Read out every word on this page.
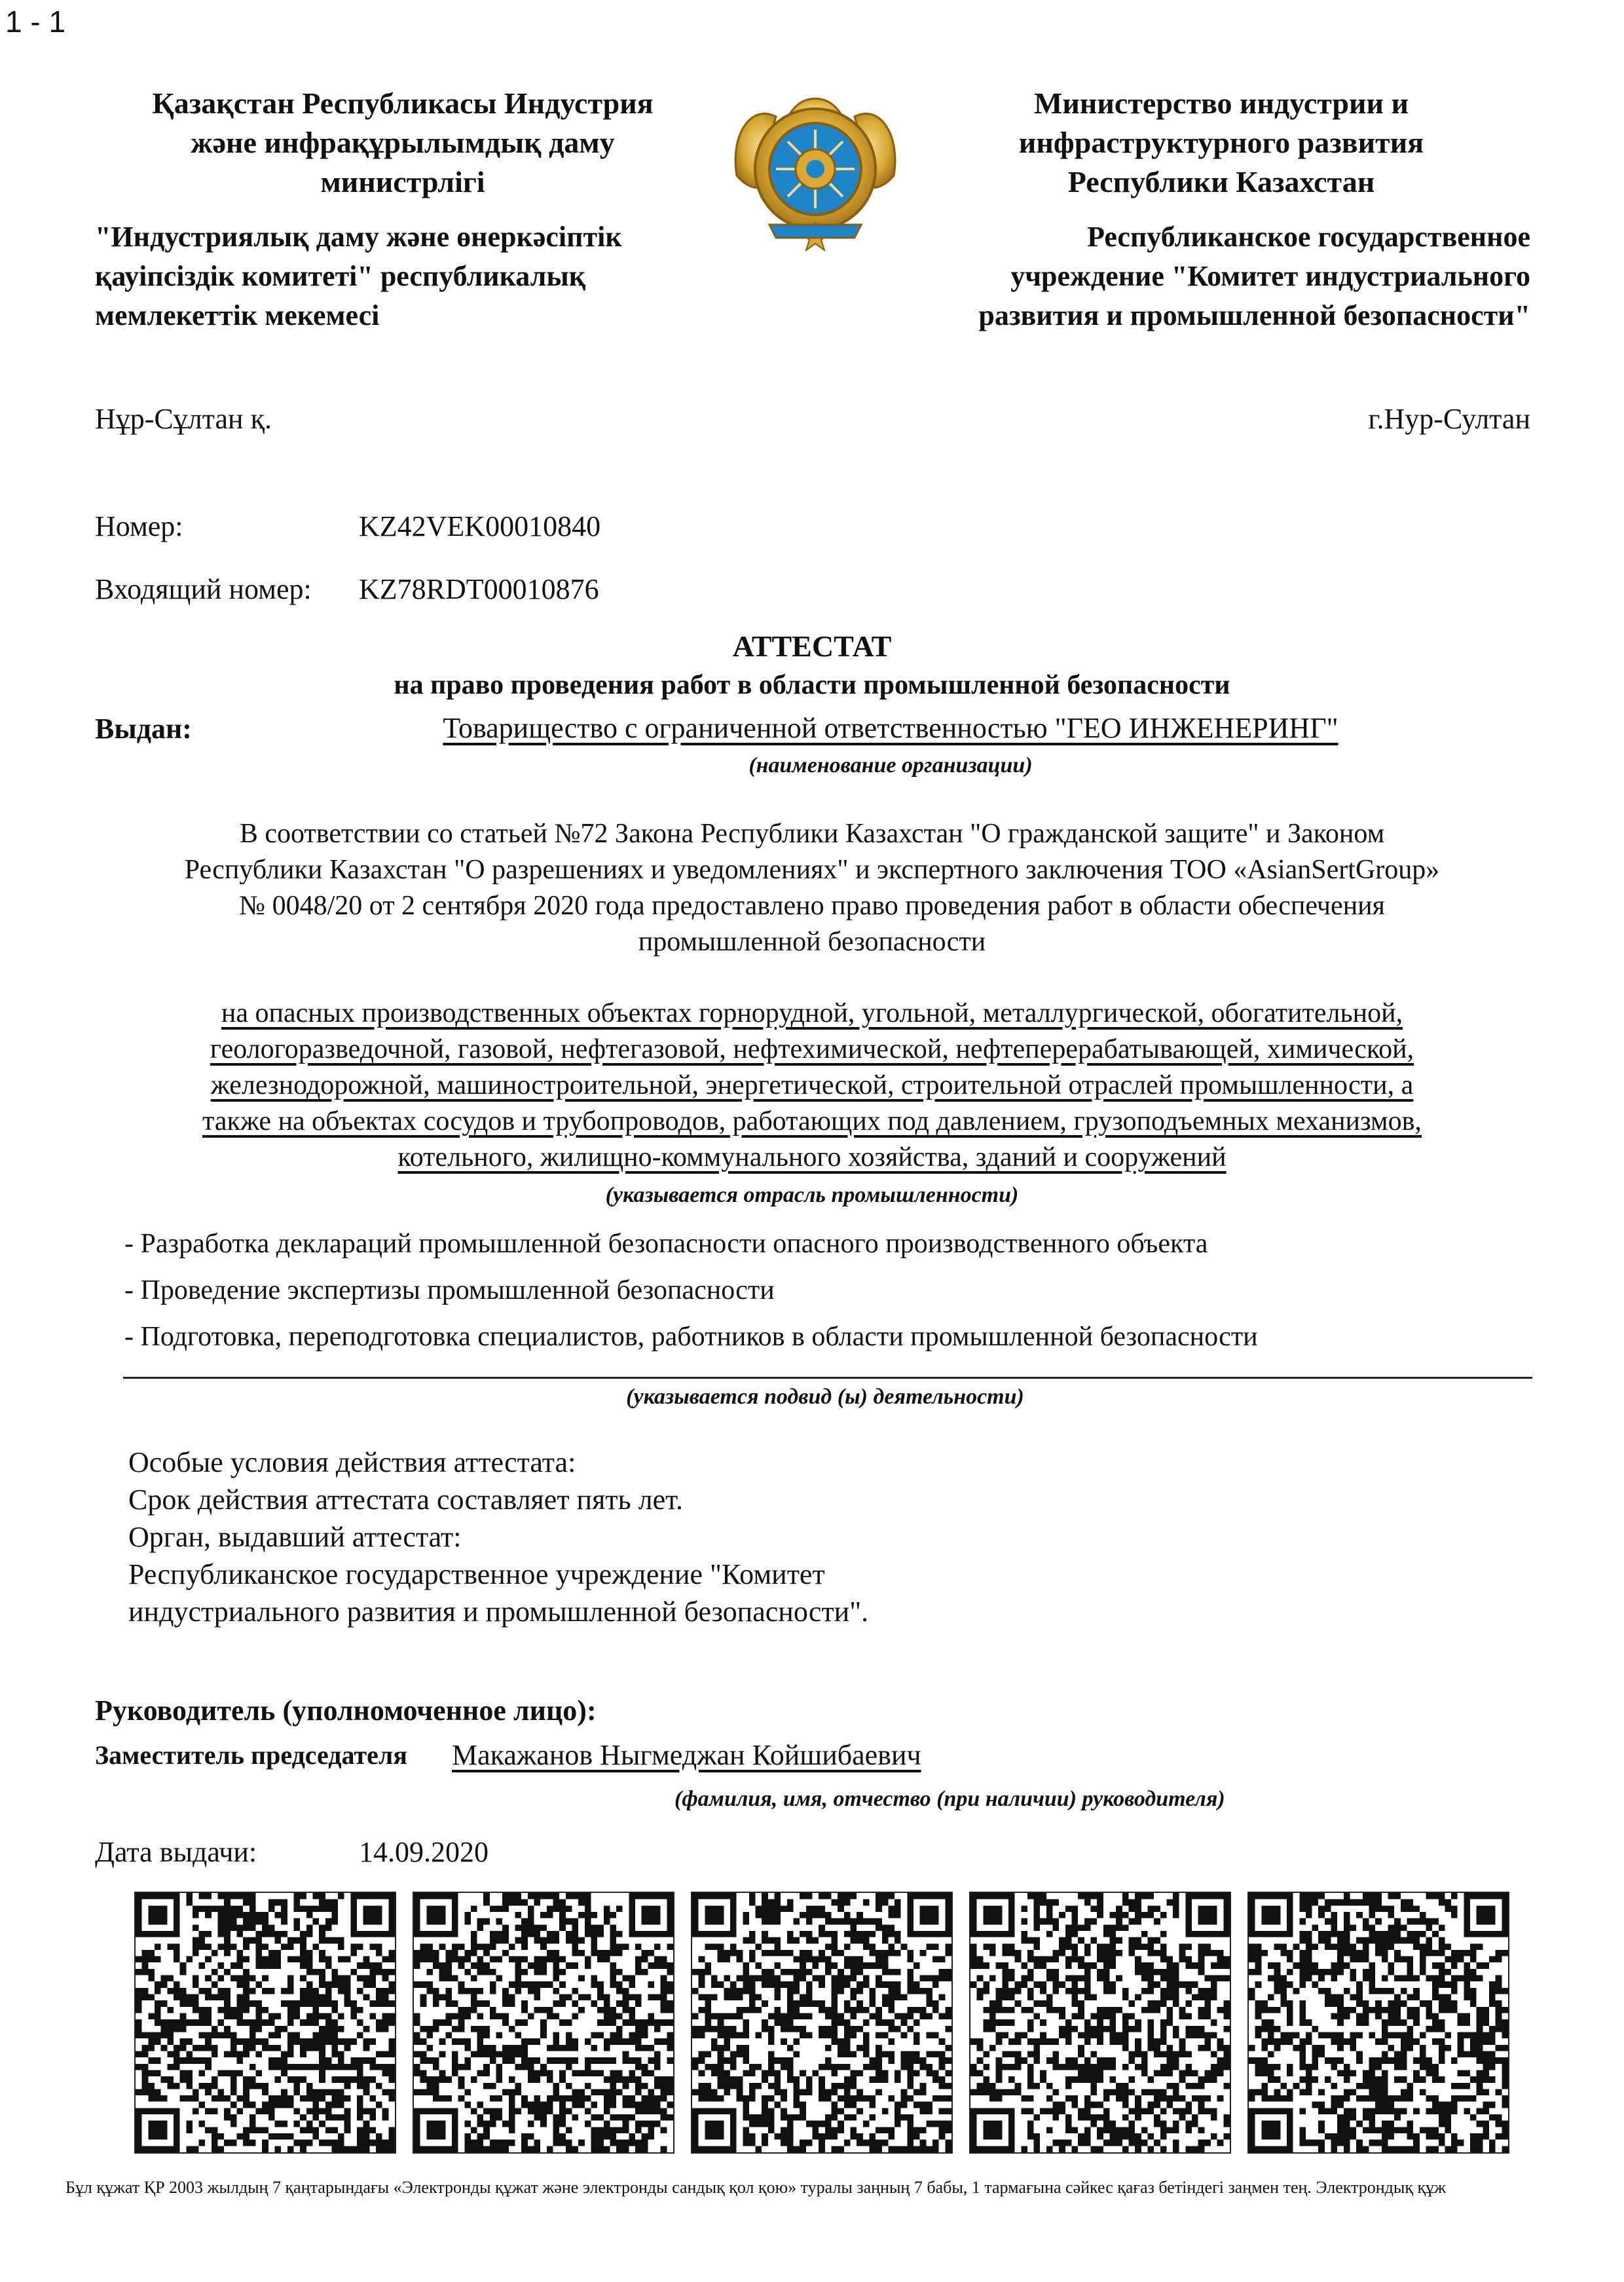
1 - 1
Қазақстан Республикасы Индустрия
және инфрақұрылымдық даму
министрлігі
Министерство индустрии и
инфраструктурного развития
Республики Казахстан
"Индустриялық даму және өнеркәсіптік
қауіпсіздік комитеті" республикалық
мемлекеттік мекемесі
Республиканское государственное
учреждение "Комитет индустриального
развития и промышленной безопасности"
Нұр-Сұлтан қ.	г.Нур-Султан
Номер:	KZ42VEK00010840
Входящий номер: KZ78RDT00010876
АТТЕСТАТ
на право проведения работ в области промышленной безопасности
Выдан:	Товарищество с ограниченной ответственностью "ГЕО ИНЖЕНЕРИНГ"
(наименование организации)
В соответствии со статьей №72 Закона Республики Казахстан "О гражданской защите" и Законом
Республики Казахстан "О разрешениях и уведомлениях" и экспертного заключения ТОО «AsianSertGroup»
№ 0048/20 от 2 сентября 2020 года предоставлено право проведения работ в области обеспечения
промышленной безопасности
на опасных производственных объектах горнорудной, угольной, металлургической, обогатительной,
геологоразведочной, газовой, нефтегазовой, нефтехимической, нефтеперерабатывающей, химической,
железнодорожной, машиностроительной, энергетической, строительной отраслей промышленности, а
также на объектах сосудов и трубопроводов, работающих под давлением, грузоподъемных механизмов,
котельного, жилищно-коммунального хозяйства, зданий и сооружений
(указывается отрасль промышленности)
- Разработка деклараций промышленной безопасности опасного производственного объекта
- Проведение экспертизы промышленной безопасности
- Подготовка, переподготовка специалистов, работников в области промышленной безопасности
(указывается подвид (ы) деятельности)
Особые условия действия аттестата:
Срок действия аттестата составляет пять лет.
Орган, выдавший аттестат:
Республиканское государственное учреждение "Комитет
индустриального развития и промышленной безопасности".
Руководитель (уполномоченное лицо):
Заместитель председателя Макажанов Ныгмеджан Койшибаевич
(фамилия, имя, отчество (при наличии) руководителя)
Дата выдачи:	14.09.2020
Бұл құжат ҚР 2003 жылдың 7 қаңтарындағы «Электронды құжат және электронды сандық қол қою» туралы заңның 7 бабы, 1 тармағына сәйкес қағаз бетіндегі заңмен тең. Электрондық құж
